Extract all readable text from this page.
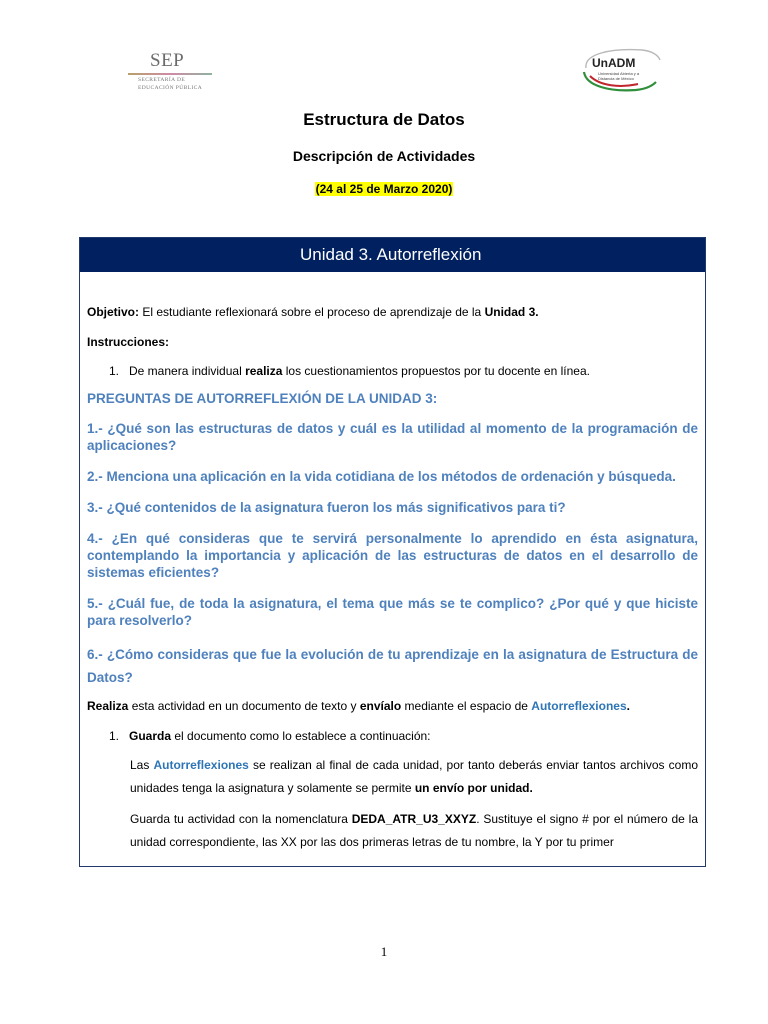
SEP
SECRETARÍA DE
EDUCACIÓN PÚBLICA
UnADM
Universidad Abierta y a
Distancia de México
Estructura de Datos
Descripción de Actividades
(24 al 25 de Marzo 2020)
Unidad 3. Autorreflexión

Objetivo: El estudiante reflexionará sobre el proceso de aprendizaje de la Unidad 3.

Instrucciones:

1. De manera individual realiza los cuestionamientos propuestos por tu docente en línea.

PREGUNTAS DE AUTORREFLEXIÓN DE LA UNIDAD 3:

1.- ¿Qué son las estructuras de datos y cuál es la utilidad al momento de la programación de aplicaciones?

2.- Menciona una aplicación en la vida cotidiana de los métodos de ordenación y búsqueda.

3.- ¿Qué contenidos de la asignatura fueron los más significativos para ti?

4.- ¿En qué consideras que te servirá personalmente lo aprendido en ésta asignatura, contemplando la importancia y aplicación de las estructuras de datos en el desarrollo de sistemas eficientes?

5.- ¿Cuál fue, de toda la asignatura, el tema que más se te complico? ¿Por qué y que hiciste para resolverlo?

6.- ¿Cómo consideras que fue la evolución de tu aprendizaje en la asignatura de Estructura de Datos?

Realiza esta actividad en un documento de texto y envíalo mediante el espacio de Autorreflexiones.

1. Guarda el documento como lo establece a continuación:

Las Autorreflexiones se realizan al final de cada unidad, por tanto deberás enviar tantos archivos como unidades tenga la asignatura y solamente se permite un envío por unidad.

Guarda tu actividad con la nomenclatura DEDA_ATR_U3_XXYZ. Sustituye el signo # por el número de la unidad correspondiente, las XX por las dos primeras letras de tu nombre, la Y por tu primer

1
